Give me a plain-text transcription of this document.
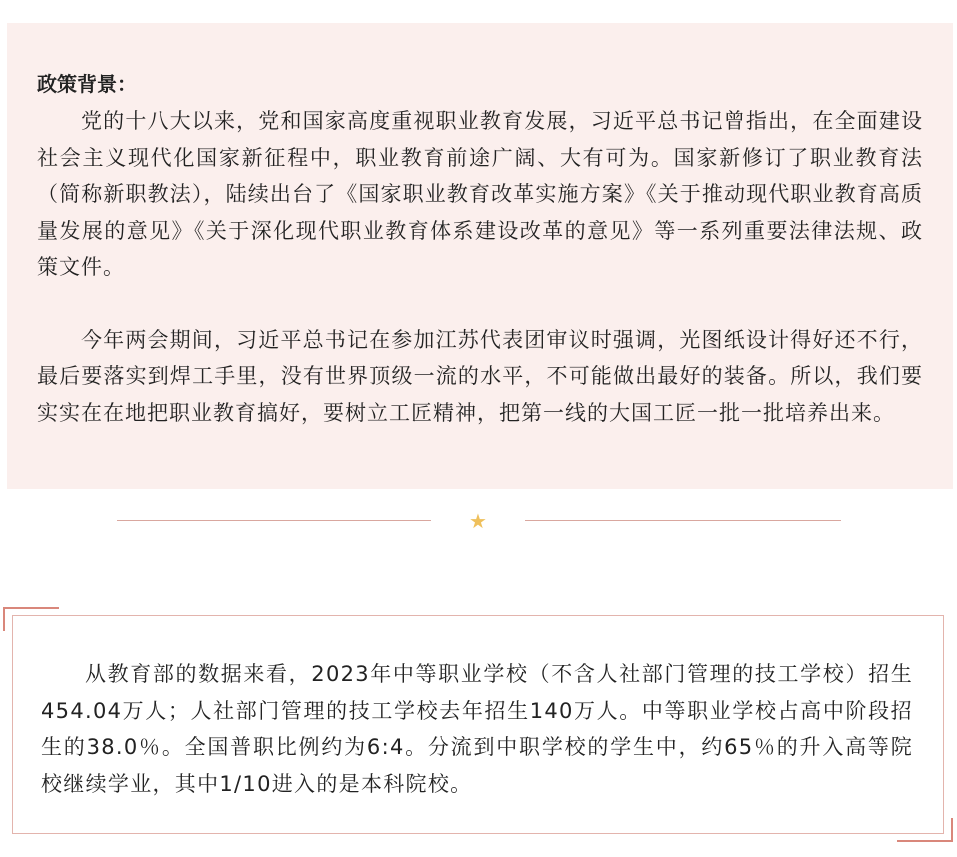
政策背景：

党的十八大以来，党和国家高度重视职业教育发展，习近平总书记曾指出，在全面建设社会主义现代化国家新征程中，职业教育前途广阔、大有可为。国家新修订了职业教育法（简称新职教法），陆续出台了《国家职业教育改革实施方案》《关于推动现代职业教育高质量发展的意见》《关于深化现代职业教育体系建设改革的意见》等一系列重要法律法规、政策文件。

今年两会期间，习近平总书记在参加江苏代表团审议时强调，光图纸设计得好还不行，最后要落实到焊工手里，没有世界顶级一流的水平，不可能做出最好的装备。所以，我们要实实在在地把职业教育搞好，要树立工匠精神，把第一线的大国工匠一批一批培养出来。

★

从教育部的数据来看，2023年中等职业学校（不含人社部门管理的技工学校）招生454.04万人；人社部门管理的技工学校去年招生140万人。中等职业学校占高中阶段招生的38.0％。全国普职比例约为6:4。分流到中职学校的学生中，约65％的升入高等院校继续学业，其中1/10进入的是本科院校。
